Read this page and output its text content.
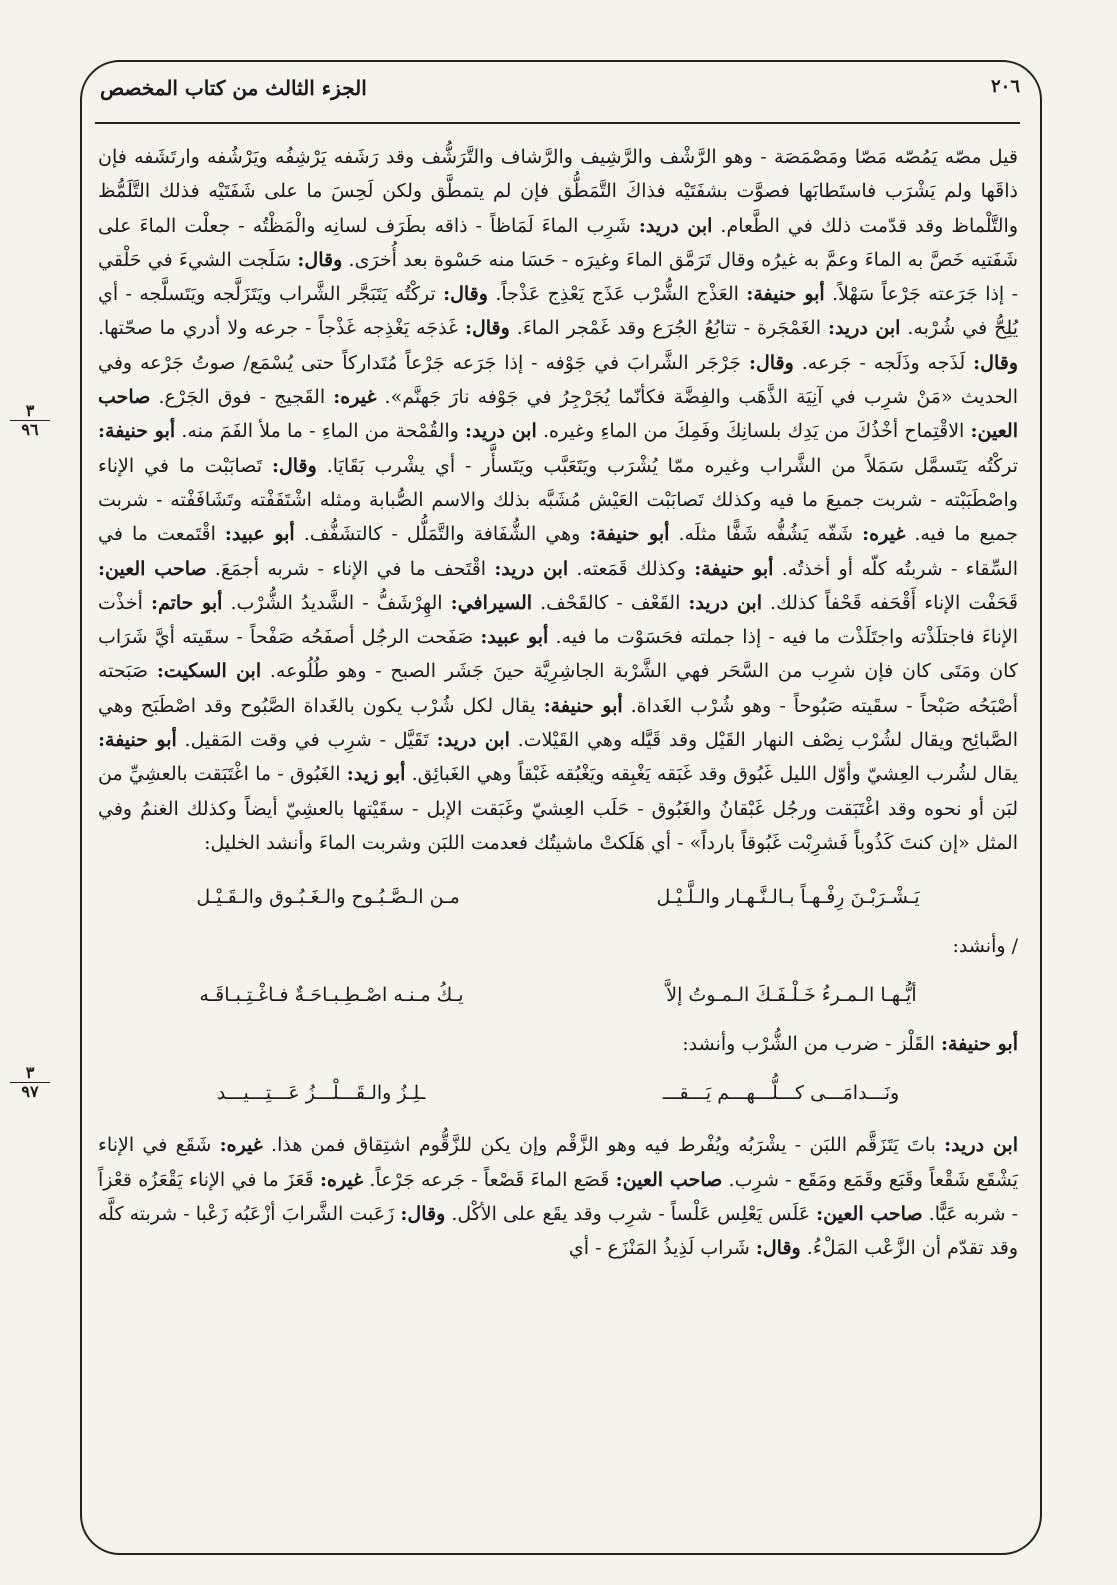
٢٠٦
الجزء الثالث من كتاب المخصص
٣
٩٦
٣
٩٧

قيل مصّه يَمُصّه مَصّا ومَصْمَصَة - وهو الرَّشْف والرَّشِيف والرَّشاف والتَّرَشُّف وقد رَشَفه يَرْشِفُه ويَرْشُفه وارتَشَفه فإن ذاقَها ولم يَشْرَب فاستَطابَها فصوَّت بشفَتَيْه فذاكَ التَّمَطُّق فإن لم يتمطَّق ولكن لَحِسَ ما على شَفَتَيْه فذلك التَّلَمُّظ والتَّلْماظ وقد قدّمت ذلك في الطَّعام. ابن دريد: شَرِب الماءَ لَمَاظاً - ذاقه بطَرَف لسانِه والْمَظْتُه - جعلْت الماءَ على شَفَتيه خَصَّ به الماءَ وعمَّ به غيرُه وقال تَرَمَّق الماءَ وغيرَه - حَسَا منه حَسْوة بعد أُخرَى. وقال: سَلَجت الشيءَ في حَلْقي - إذا جَرَعته جَرْعاً سَهْلاً. أبو حنيفة: العَذْج الشُّرْب عَذَج يَعْذِج عَذْجاً. وقال: تركْتُه يَتَبَجَّر الشَّراب ويَتَزَلَّجه ويَتَسلَّجه - أي يُلِحُّ في شُرْبه. ابن دريد: الغَمْجَرة - تتابُعُ الجُرَع وقد غَمْجر الماءَ. وقال: غَذجَه يَغْذِجه غَذْجاً - جرعه ولا أدري ما صحّتها. وقال: لَذَجه وذَلَجه - جَرعه. وقال: جَرْجَر الشَّرابَ في جَوْفه - إذا جَرَعه جَرْعاً مُتَداركاً حتى يُسْمَع/ صوتُ جَرْعه وفي الحديث «مَنْ شرِب في آنِيَة الذَّهَب والفِضَّة فكأنّما يُجَرْجِرُ في جَوْفه نارَ جَهنَّم». غيره: القَجيج - فوق الجَرْع. صاحب العين: الاقْتِماح أخْذُكَ من يَدِك بلسانِكَ وفَمِكَ من الماءِ وغيره. ابن دريد: والقُمْحة من الماءِ - ما ملأ الفَمَ منه. أبو حنيفة: تركْتُه يَتَسمَّل سَمَلاً من الشَّراب وغيره ممّا يُشْرَب ويَتَعَبَّب ويَتَسأَّر - أي يشْرب بَقَايَا. وقال: تَصابَبْت ما في الإناء واصْطَبَبْته - شربت جميعَ ما فيه وكذلك تَصابَبْت العَيْش مُشَبَّه بذلك والاسم الصُّبابة ومثله اشْتَفَفْته وتَشَافَفْته - شربت جميع ما فيه. غيره: شَفّه يَشُفُّه شَفًّا مثلَه. أبو حنيفة: وهي الشُّفَافة والتَّمَلُّل - كالتشَفُّف. أبو عبيد: اقْتَمعت ما في السِّقاء - شربتُه كلّه أو أخذتُه. أبو حنيفة: وكذلك قَمَعته. ابن دريد: اقْتَحف ما في الإناء - شربه أجمَعَ. صاحب العين: قَحَفْت الإناء أَقْحَفه قَحْفاً كذلك. ابن دريد: القَعْف - كالقَحْف. السيرافي: الهِرْشَفُّ - الشَّديدُ الشُّرْب. أبو حاتم: أخذْت الإناءَ فاجتلَذْته واجتَلَذْت ما فيه - إذا جملته فحَسَوْت ما فيه. أبو عبيد: صَفَحت الرجُل أصفَحُه صَفْحاً - سقَيته أيَّ شَرَاب كان ومَتَى كان فإن شرِب من السَّحَر فهي الشَّرْبة الجاشِرِيَّة حينَ جَشَر الصبح - وهو طُلُوعه. ابن السكيت: صَبَحته أصْبَحُه صَبْحاً - سقَيته صَبُوحاً - وهو شُرْب الغَداة. أبو حنيفة: يقال لكل شُرْب يكون بالغَداة الصَّبُوح وقد اصْطَبَح وهي الصَّبائِح ويقال لشُرْب نِصْف النهار القَيْل وقد قَيَّله وهي القَيْلات. ابن دريد: تَقَيَّل - شرِب في وقت المَقيل. أبو حنيفة: يقال لشُرب العِشيّ وأوّل الليل غَبُوق وقد غَبَقه يَغْبِقه ويَغْبُقه غَبْقاً وهي الغَبائِق. أبو زيد: الغَبُوق - ما اغْتَبَقت بالعشِيِّ من لبَن أو نحوه وقد اغْتَبَقت ورجُل غَبْقانُ والغَبُوق - حَلَب العِشيّ وغَبَقت الإبل - سقَيْتها بالعشِيّ أيضاً وكذلك الغنمُ وفي المثل «إن كنتَ كَذُوباً فَشرِبْت غَبُوقاً بارداً» - أي هَلَكتْ ماشيتُك فعدمت اللبَن وشربت الماءَ وأنشد الخليل:

يَـشْـرَبْـنَ رِفْـهـاً بـالـنَّـهـار والـلَّـيْـل
مـن الـصَّـبُـوح والـغَـبُـوق والـقَـيْـل
/ وأنشد:
أيُّـهـا الـمـرءُ خَـلْـفَـكَ الـمـوتُ إلاَّ
يـكُ مـنـه اصْـطِـبـاحَـةٌ فـاغْـتِـبـاقَـه
أبو حنيفة: القَلْز - ضرب من الشُّرْب وأنشد:
ونَـــدامَـــى كـــلُّـــهـــم يَـــقـــ
ـلِـزُ والـقَـــلْـــزُ عَـــتِـــيـــد

ابن دريد: باتَ يَتَزَقَّم اللبَن - يشْرَبُه ويُفْرط فيه وهو الزَّقْم وإن يكن للزَّقُّوم اشتِقاق فمن هذا. غيره: شَقَع في الإناء يَشْقَع شَقْعاً وقَبَع وقَمَع ومَقَع - شرِب. صاحب العين: قَصَع الماءَ قَصْعاً - جَرعه جَرْعاً. غيره: قَعَزَ ما في الإناء يَقْعَزُه قعْزاً - شربه عَبًّا. صاحب العين: عَلَس يَعْلِس عَلْساً - شرِب وقد يقَع على الأكْل. وقال: زَعَبت الشَّرابَ أزْعَبُه زَعْبا - شربته كلَّه وقد تقدّم أن الزَّعْب المَلْءُ. وقال: شَراب لَذِيذُ المَنْزَع - أي
